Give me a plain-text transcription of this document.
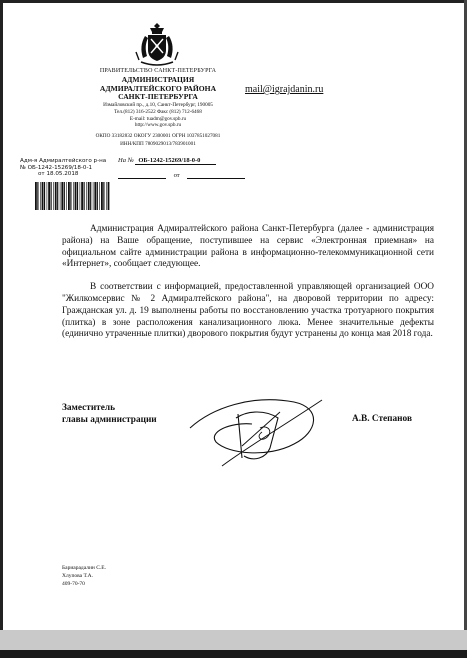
ПРАВИТЕЛЬСТВО САНКТ-ПЕТЕРБУРГА
АДМИНИСТРАЦИЯ
АДМИРАЛТЕЙСКОГО РАЙОНА
САНКТ-ПЕТЕРБУРГА
Измайловский пр., д.10, Санкт-Петербург, 190005
Тел.(812) 316-2522 Факс (812) 712-6468
E-mail: tuadm@gov.spb.ru
http://www.gov.spb.ru
ОКПО 33182832 ОКОГУ 2300001 ОГРН 1037851027081
ИНН/КПП 7809029013/783901001
mail@igrajdanin.ru
На № ОБ-1242-15269/18-0-0
от
Адм-я Адмиралтейского р-на
№ ОБ-1242-15269/18-0-1
от 18.05.2018

Администрация Адмиралтейского района Санкт-Петербурга (далее - администрация района) на Ваше обращение, поступившее на сервис «Электронная приемная» на официальном сайте администрации района в информационно-телекоммуникационной сети «Интернет», сообщает следующее.

В соответствии с информацией, предоставленной управляющей организацией ООО "Жилкомсервис № 2 Адмиралтейского района", на дворовой территории по адресу: Гражданская ул. д. 19 выполнены работы по восстановлению участка тротуарного покрытия (плитка) в зоне расположения канализационного люка. Менее значительные дефекты (единично утраченные плитки) дворового покрытия будут устранены до конца мая 2018 года.

Заместитель
главы администрации	А.В. Степанов
Бариарадалин С.Е.
Хлупова Т.А.
409-70-70
